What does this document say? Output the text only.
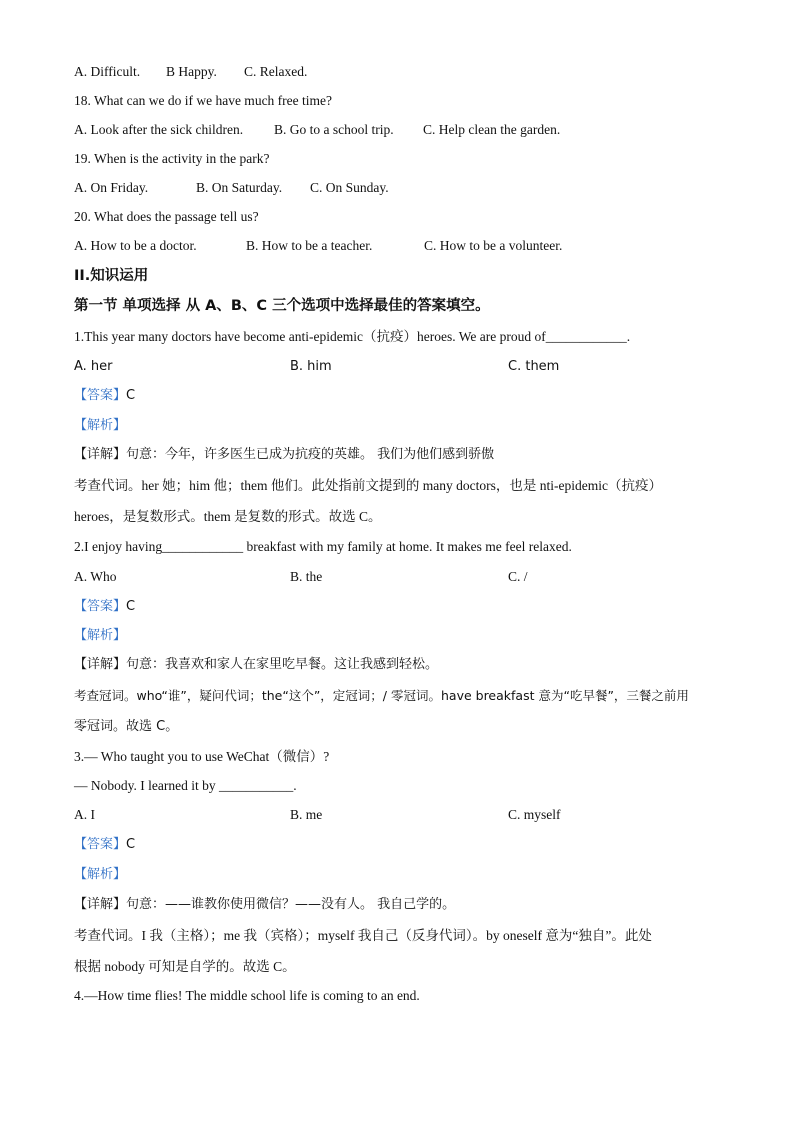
A. Difficult. B Happy. C. Relaxed.
18. What can we do if we have much free time?
A. Look after the sick children. B. Go to a school trip. C. Help clean the garden.
19. When is the activity in the park?
A. On Friday.	B. On Saturday. C. On Sunday.
20. What does the passage tell us?
A. How to be a doctor.	B. How to be a teacher.	C. How to be a volunteer.
II.知识运用
第一节 单项选择 从 A、B、C 三个选项中选择最佳的答案填空。
1.This year many doctors have become anti-epidemic（抗疫）heroes. We are proud of____________.
A. her	B. him	C. them
【答案】C
【解析】
【详解】句意：今年，许多医生已成为抗疫的英雄。 我们为他们感到骄傲
考查代词。her 她；him 他；them 他们。此处指前文提到的 many doctors，也是 nti-epidemic（抗疫）
heroes，是复数形式。them 是复数的形式。故选 C。
2.I enjoy having____________ breakfast with my family at home. It makes me feel relaxed.
A. Who	B. the	C. /
【答案】C
【解析】
【详解】句意：我喜欢和家人在家里吃早餐。这让我感到轻松。
考查冠词。who“谁”，疑问代词；the“这个”，定冠词；/ 零冠词。have breakfast 意为“吃早餐”，三餐之前用
零冠词。故选 C。
3.— Who taught you to use WeChat（微信）?
— Nobody. I learned it by ___________.
A. I	B. me	C. myself
【答案】C
【解析】
【详解】句意：——谁教你使用微信？——没有人。 我自己学的。
考查代词。I 我（主格）；me 我（宾格）；myself 我自己（反身代词）。by oneself 意为“独自”。此处
根据 nobody 可知是自学的。故选 C。
4.—How time flies! The middle school life is coming to an end.
